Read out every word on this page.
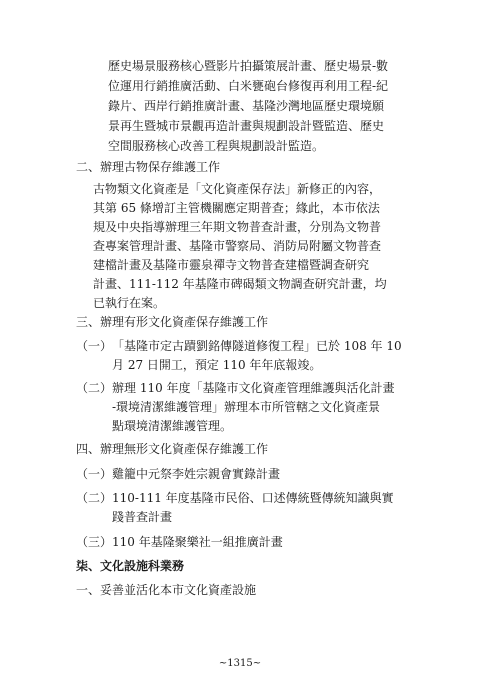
歷史場景服務核心暨影片拍攝策展計畫、歷史場景-數
位運用行銷推廣活動、白米甕砲台修復再利用工程-紀
錄片、西岸行銷推廣計畫、基隆沙灣地區歷史環境願
景再生暨城市景觀再造計畫與規劃設計暨監造、歷史
空間服務核心改善工程與規劃設計監造。
二、辦理古物保存維護工作
古物類文化資產是「文化資產保存法」新修正的內容，
其第 65 條增訂主管機關應定期普查；緣此，本市依法
規及中央指導辦理三年期文物普查計畫，分別為文物普
查專案管理計畫、基隆市警察局、消防局附屬文物普查
建檔計畫及基隆市靈泉禪寺文物普查建檔暨調查研究
計畫、111-112 年基隆市碑碣類文物調查研究計畫，均
已執行在案。
三、辦理有形文化資產保存維護工作
（一） 「基隆市定古蹟劉銘傳隧道修復工程」已於 108 年 10
月 27 日開工，預定 110 年年底報竣。
（二） 辦理 110 年度「基隆市文化資產管理維護與活化計畫
-環境清潔維護管理」辦理本市所管轄之文化資產景
點環境清潔維護管理。
四、辦理無形文化資產保存維護工作
（一） 雞籠中元祭李姓宗親會實錄計畫
（二） 110-111 年度基隆市民俗、口述傳統暨傳統知識與實
踐普查計畫
（三） 110 年基隆聚樂社一組推廣計畫
柒、文化設施科業務
一、妥善並活化本市文化資產設施
~1315~
